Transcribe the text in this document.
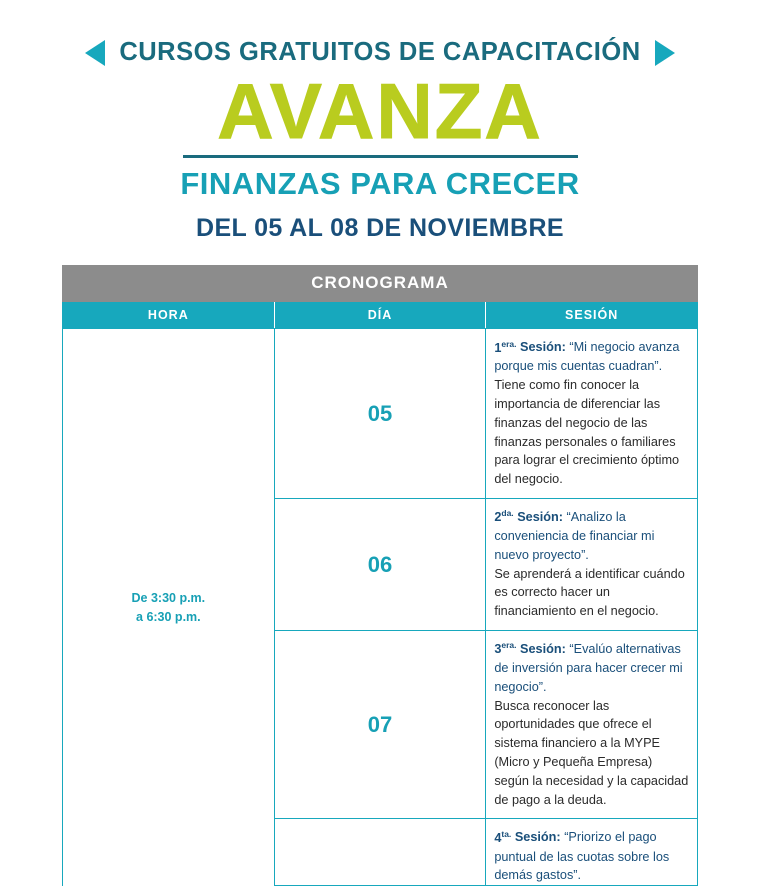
CURSOS GRATUITOS DE CAPACITACIÓN
AVANZA
FINANZAS PARA CRECER
DEL 05 AL 08 DE NOVIEMBRE
CRONOGRAMA		
HORA	DÍA	SESIÓN
De 3:30 p.m.
a 6:30 p.m.	05	$1^{era.}$ Sesión: “Mi negocio avanza porque mis cuentas cuadran”.
Tiene como fin conocer la importancia de diferenciar las finanzas del negocio de las finanzas personales o familiares para lograr el crecimiento óptimo del negocio.
	06	$2^{da.}$ Sesión: “Analizo la conveniencia de financiar mi nuevo proyecto”.
Se aprenderá a identificar cuándo es correcto hacer un financiamiento en el negocio.
	07	$3^{era.}$ Sesión: “Evalúo alternativas de inversión para hacer crecer mi negocio”.
Busca reconocer las oportunidades que ofrece el sistema financiero a la MYPE (Micro y Pequeña Empresa) según la necesidad y la capacidad de pago a la deuda.
		$4^{ta.}$ Sesión: “Priorizo el pago puntual de las cuotas sobre los demás gastos”.
